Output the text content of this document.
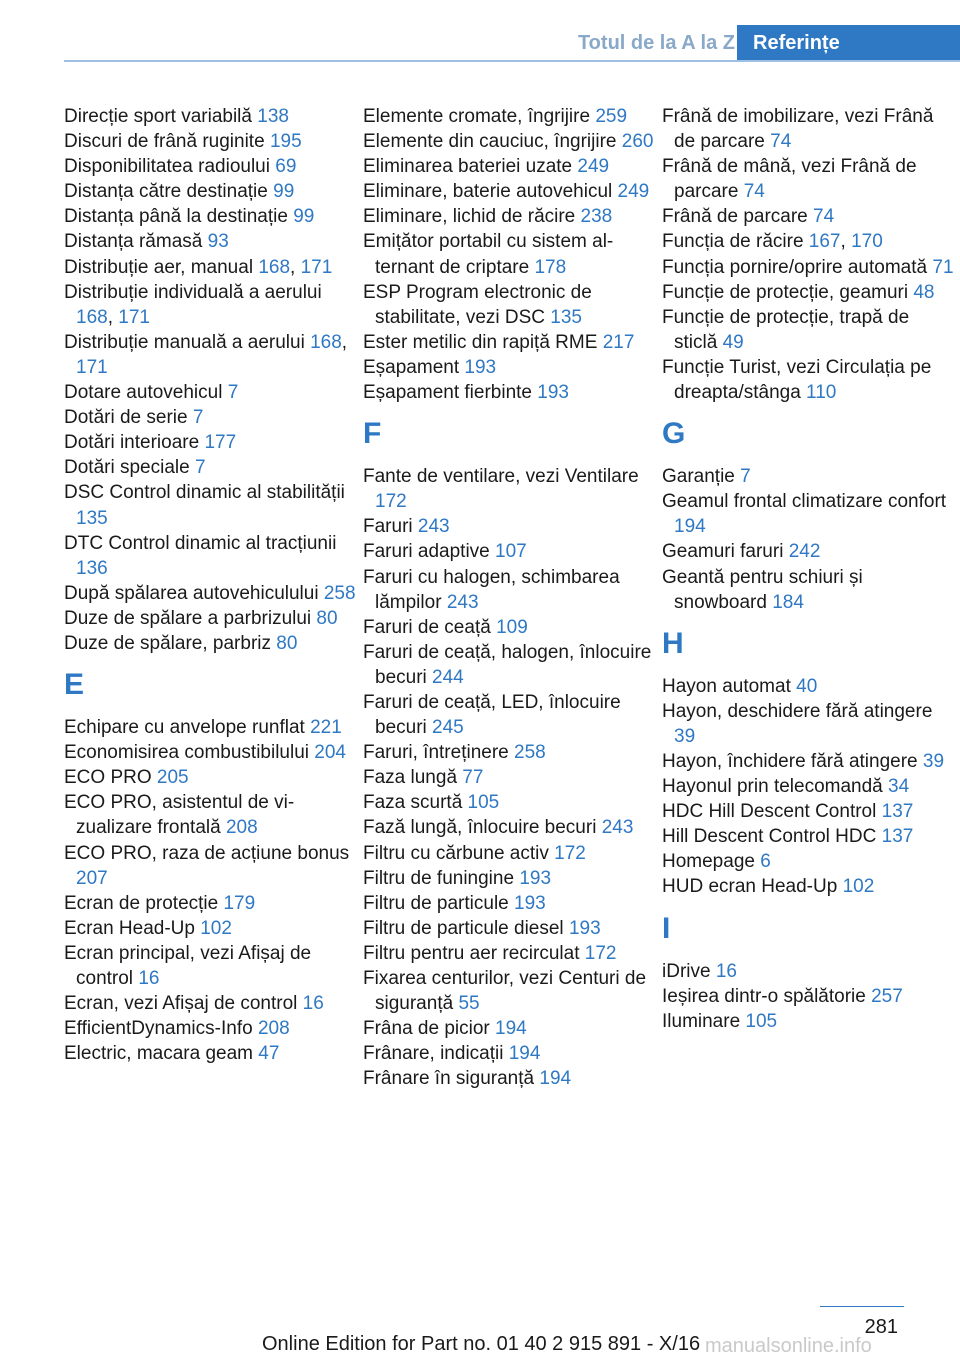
Totul de la A la Z Referințe

Direcție sport variabilă 138

Discuri de frână ruginite 195

Disponibilitatea radioului 69

Distanța către destinație 99

Distanța până la destinație 99

Distanța rămasă 93

Distribuție aer, manual 168, 171

Distribuție individuală a aerului 168, 171

Distribuție manuală a aerului 168, 171

Dotare autovehicul 7

Dotări de serie 7

Dotări interioare 177

Dotări speciale 7

DSC Control dinamic al stabilității 135

DTC Control dinamic al tracțiunii 136

După spălarea autovehiculului 258

Duze de spălare a parbrizului 80

Duze de spălare, parbriz 80

E

Echipare cu anvelope runflat 221

Economisirea combustibilului 204

ECO PRO 205

ECO PRO, asistentul de vizualizare frontală 208

ECO PRO, raza de acțiune bonus 207

Ecran de protecție 179

Ecran Head-Up 102

Ecran principal, vezi Afișaj de control 16

Ecran, vezi Afișaj de control 16

EfficientDynamics-Info 208

Electric, macara geam 47

Elemente cromate, îngrijire 259

Elemente din cauciuc, îngrijire 260

Eliminarea bateriei uzate 249

Eliminare, baterie autovehicul 249

Eliminare, lichid de răcire 238

Emițător portabil cu sistem alternant de criptare 178

ESP Program electronic de stabilitate, vezi DSC 135

Ester metilic din rapiță RME 217

Eșapament 193

Eșapament fierbinte 193

F

Fante de ventilare, vezi Ventilare 172

Faruri 243

Faruri adaptive 107

Faruri cu halogen, schimbarea lămpilor 243

Faruri de ceață 109

Faruri de ceață, halogen, înlocuire becuri 244

Faruri de ceață, LED, înlocuire becuri 245

Faruri, întreținere 258

Faza lungă 77

Faza scurtă 105

Fază lungă, înlocuire becuri 243

Filtru cu cărbune activ 172

Filtru de funingine 193

Filtru de particule 193

Filtru de particule diesel 193

Filtru pentru aer recirculat 172

Fixarea centurilor, vezi Centuri de siguranță 55

Frâna de picior 194

Frânare, indicații 194

Frânare în siguranță 194

Frână de imobilizare, vezi Frână de parcare 74

Frână de mână, vezi Frână de parcare 74

Frână de parcare 74

Funcția de răcire 167, 170

Funcția pornire/oprire automată 71

Funcție de protecție, geamuri 48

Funcție de protecție, trapă de sticlă 49

Funcție Turist, vezi Circulația pe dreapta/stânga 110

G

Garanție 7

Geamul frontal climatizare confort 194

Geamuri faruri 242

Geantă pentru schiuri și snowboard 184

H

Hayon automat 40

Hayon, deschidere fără atingere 39

Hayon, închidere fără atingere 39

Hayonul prin telecomandă 34

HDC Hill Descent Control 137

Hill Descent Control HDC 137

Homepage 6

HUD ecran Head-Up 102

I

iDrive 16

Ieșirea dintr-o spălătorie 257

Iluminare 105

281
Online Edition for Part no. 01 40 2 915 891 - X/16 manualsonline.info
